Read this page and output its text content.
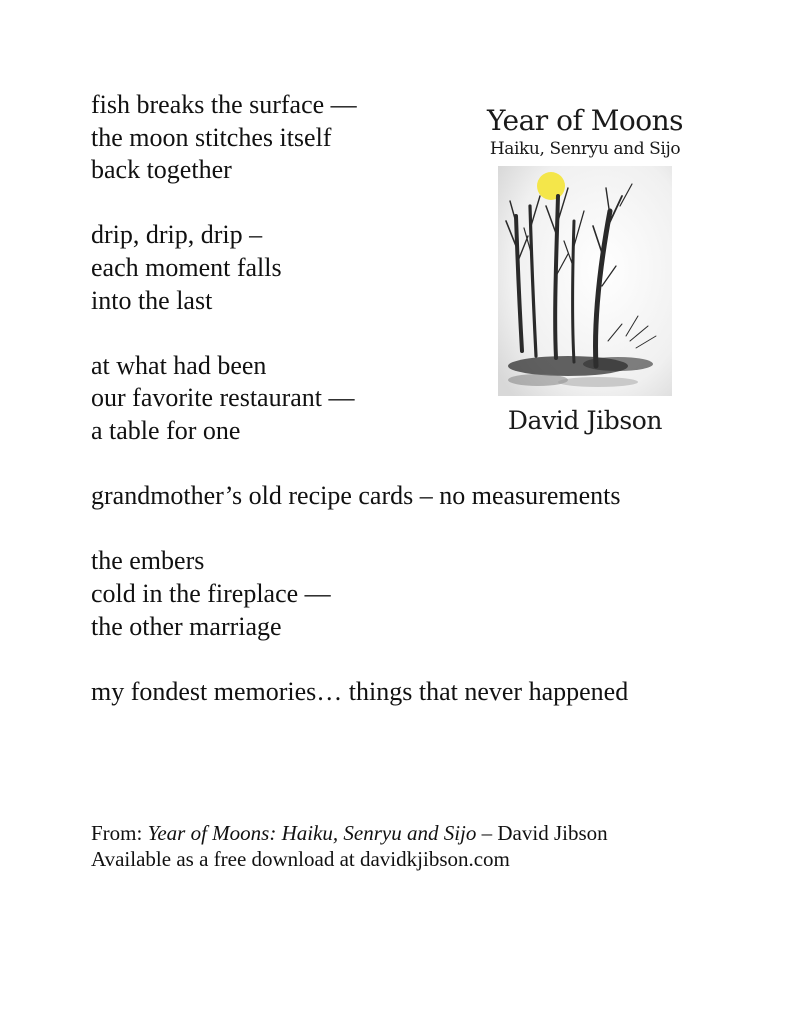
fish breaks the surface —
the moon stitches itself
back together
drip, drip, drip –
each moment falls
into the last
at what had been
our favorite restaurant —
a table for one
grandmother’s old recipe cards – no measurements
the embers
cold in the fireplace —
the other marriage
my fondest memories… things that never happened
Year of Moons
Haiku, Senryu and Sijo
David Jibson
From: Year of Moons: Haiku, Senryu and Sijo – David Jibson
Available as a free download at davidkjibson.com
